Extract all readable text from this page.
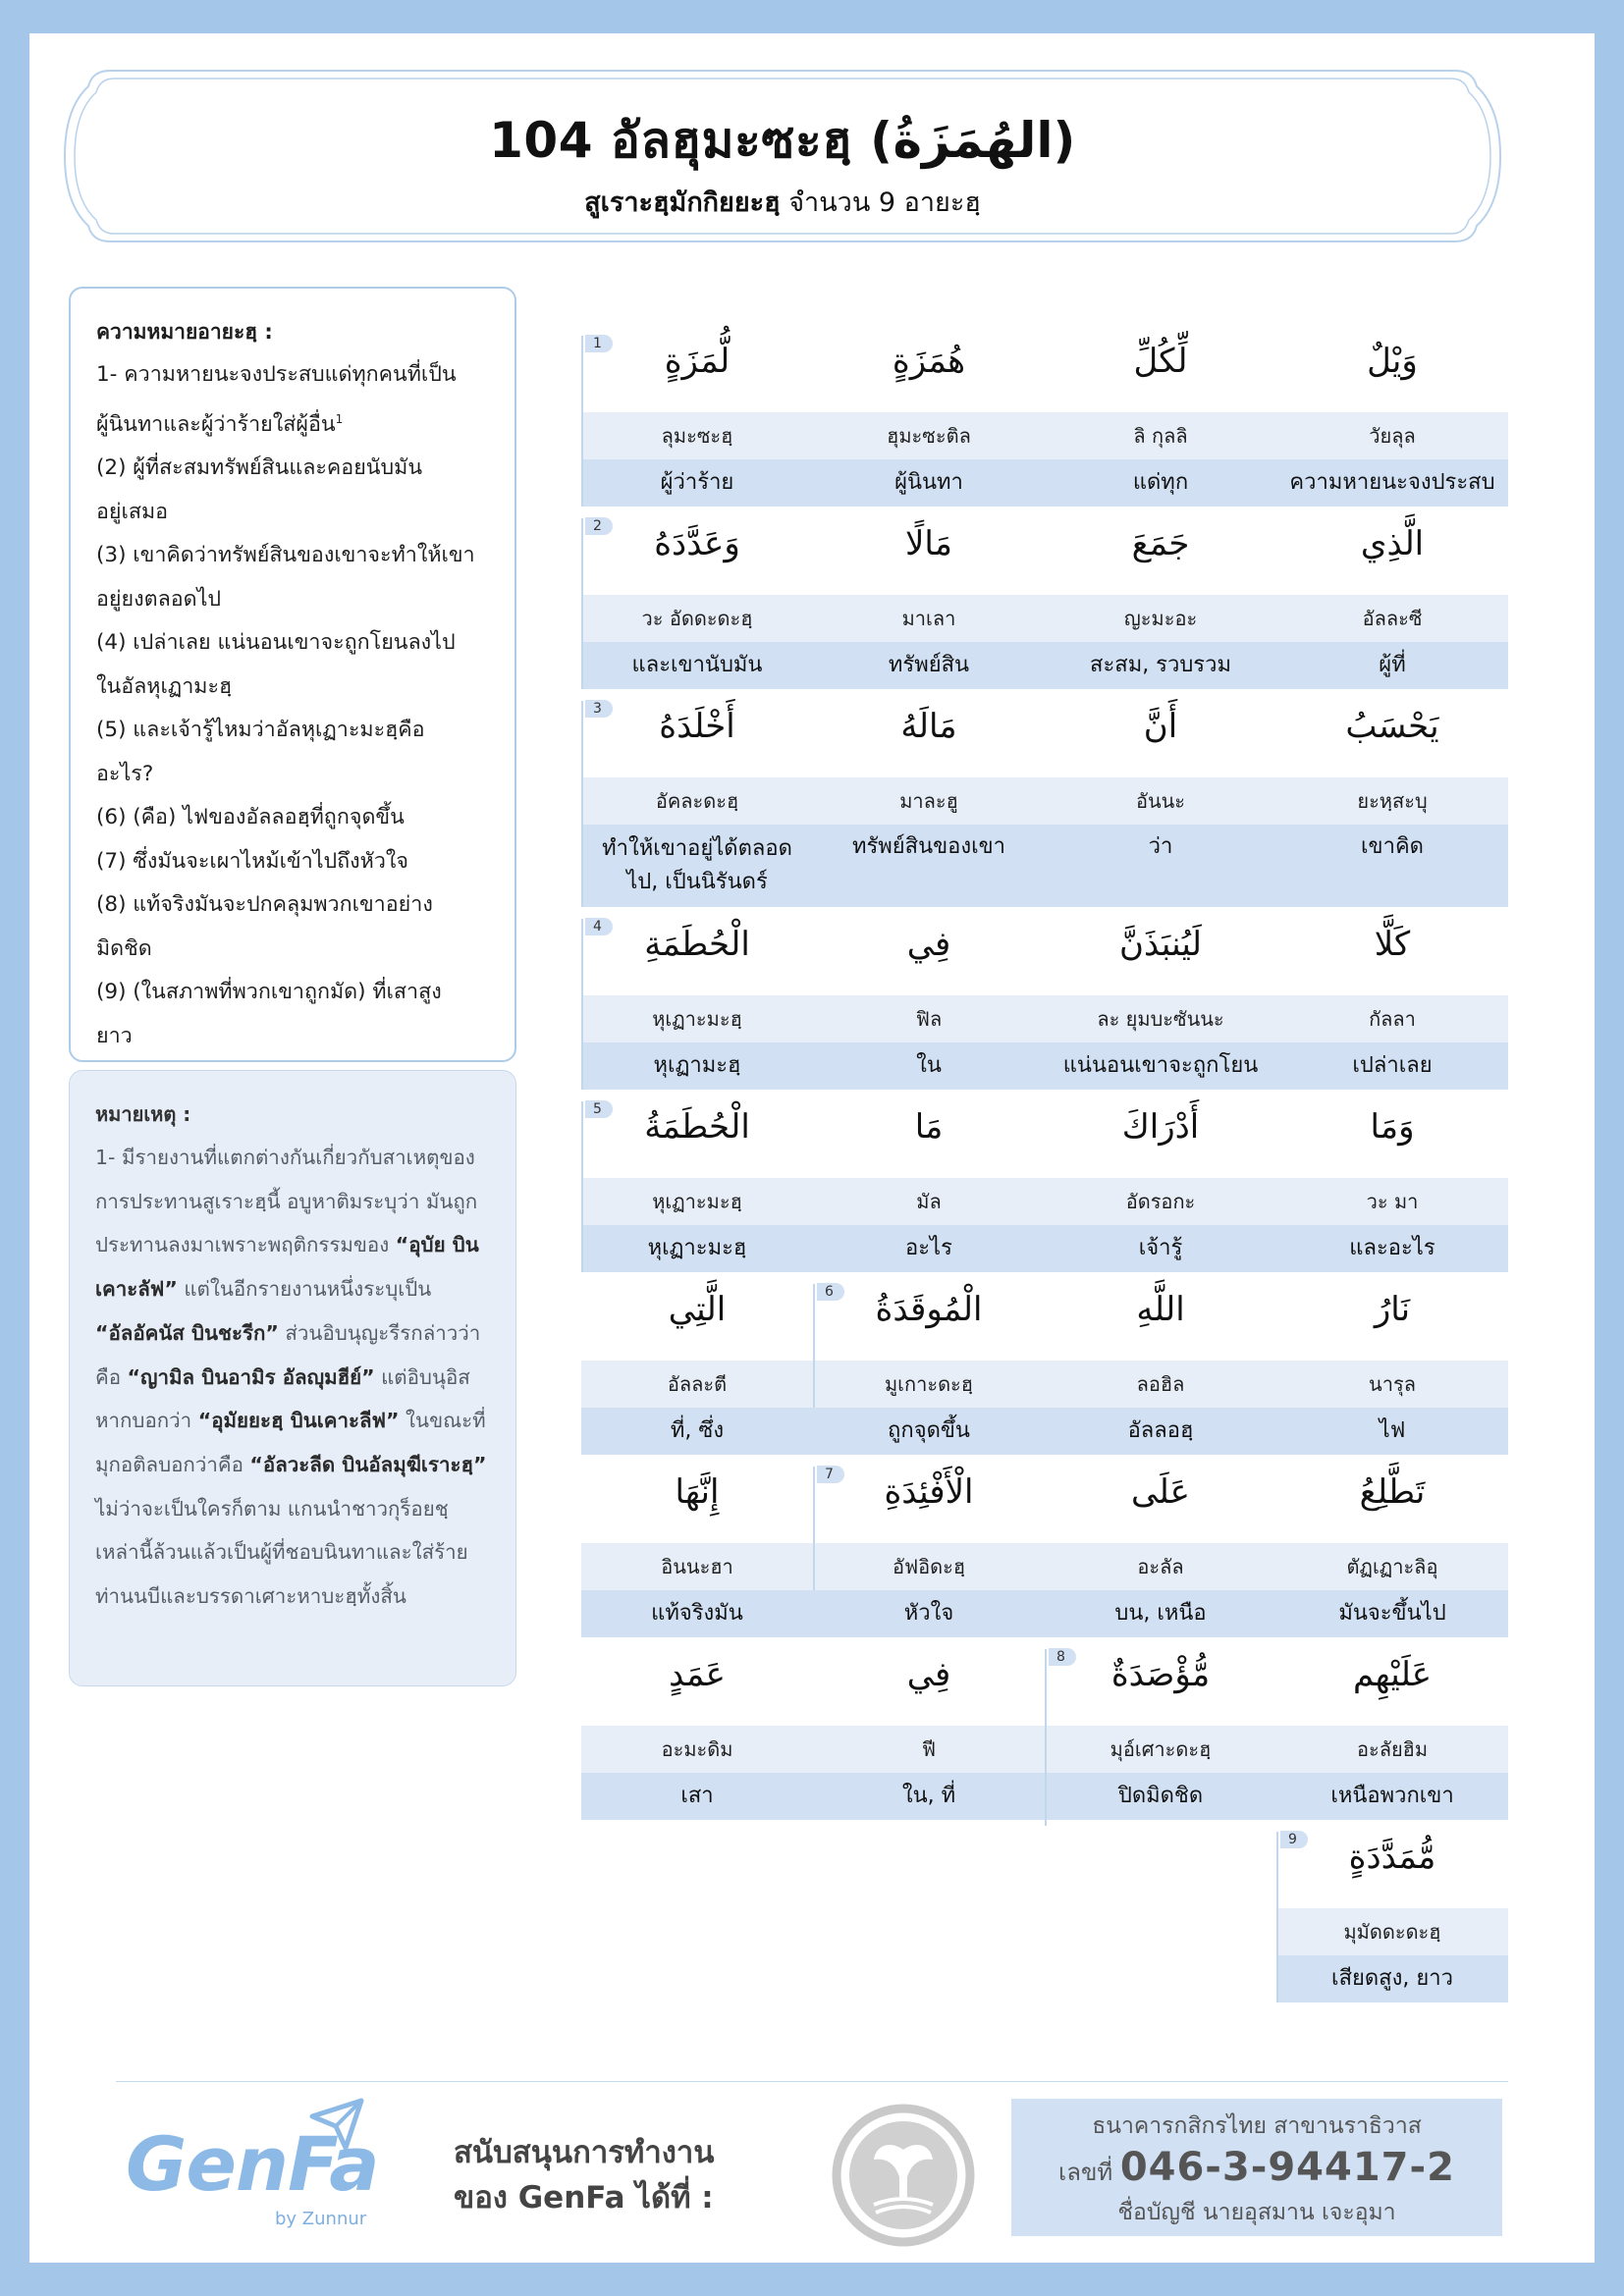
104 อัลฮุมะซะฮฺ (الهُمَزَةُ)
สูเราะฮฺมักกิยยะฮฺ จำนวน 9 อายะฮฺ
ความหมายอายะฮฺ :
1- ความหายนะจงประสบแด่ทุกคนที่เป็น
ผู้นินทาและผู้ว่าร้ายใส่ผู้อื่น$^1$
(2) ผู้ที่สะสมทรัพย์สินและคอยนับมัน
อยู่เสมอ
(3) เขาคิดว่าทรัพย์สินของเขาจะทำให้เขา
อยู่ยงตลอดไป
(4) เปล่าเลย แน่นอนเขาจะถูกโยนลงไป
ในอัลหุเฏามะฮฺ
(5) และเจ้ารู้ไหมว่าอัลหุเฏาะมะฮฺคือ
อะไร?
(6) (คือ) ไฟของอัลลอฮฺที่ถูกจุดขึ้น
(7) ซึ่งมันจะเผาไหม้เข้าไปถึงหัวใจ
(8) แท้จริงมันจะปกคลุมพวกเขาอย่าง
มิดชิด
(9) (ในสภาพที่พวกเขาถูกมัด) ที่เสาสูง
ยาว
หมายเหตุ :
1- มีรายงานที่แตกต่างกันเกี่ยวกับสาเหตุของการประทานสูเราะฮฺนี้ อบูหาติมระบุว่า มันถูกประทานลงมาเพราะพฤติกรรมของ “อุบัย บินเคาะลัฟ” แต่ในอีกรายงานหนึ่งระบุเป็น “อัลอัคนัส บินชะรีก” ส่วนอิบนุญะรีรกล่าวว่าคือ “ญามิล บินอามิร อัลญุมฮีย์” แต่อิบนุอิสหากบอกว่า “อุมัยยะฮฺ บินเคาะลีฟ” ในขณะที่มุกอติลบอกว่าคือ “อัลวะลีด บินอัลมุฆีเราะฮฺ” ไม่ว่าจะเป็นใครก็ตาม แกนนำชาวกุร็อยชฺเหล่านี้ล้วนแล้วเป็นผู้ที่ชอบนินทาและใส่ร้ายท่านนบีและบรรดาเศาะหาบะฮฺทั้งสิ้น
وَيْلٌ
วัยลุล
ความหายนะจงประสบ
لِّكُلِّ
ลิ กุลลิ
แด่ทุก
هُمَزَةٍ
ฮุมะซะติล
ผู้นินทา
لُّمَزَةٍ
ลุมะซะฮฺ
ผู้ว่าร้าย
1
الَّذِي
อัลละซี
ผู้ที่
جَمَعَ
ญะมะอะ
สะสม, รวบรวม
مَالًا
มาเลา
ทรัพย์สิน
وَعَدَّدَهُ
วะ อัดดะดะฮฺ
และเขานับมัน
2
يَحْسَبُ
ยะหฺสะบุ
เขาคิด
أَنَّ
อันนะ
ว่า
مَالَهُ
มาละฮู
ทรัพย์สินของเขา
أَخْلَدَهُ
อัคละดะฮฺ
ทำให้เขาอยู่ได้ตลอดไป, เป็นนิรันดร์
3
كَلَّا
กัลลา
เปล่าเลย
لَيُنبَذَنَّ
ละ ยุมบะซันนะ
แน่นอนเขาจะถูกโยน
فِي
ฟิล
ใน
الْحُطَمَةِ
หุเฏาะมะฮฺ
หุเฏามะฮฺ
4
وَمَا
วะ มา
และอะไร
أَدْرَاكَ
อัดรอกะ
เจ้ารู้
مَا
มัล
อะไร
الْحُطَمَةُ
หุเฏาะมะฮฺ
หุเฏาะมะฮฺ
5
نَارُ
นารุล
ไฟ
اللَّهِ
ลอฮิล
อัลลอฮฺ
الْمُوقَدَةُ
มูเกาะดะฮฺ
ถูกจุดขึ้น
الَّتِي
อัลละตี
ที่, ซึ่ง
6
تَطَّلِعُ
ตัฏเฏาะลิอุ
มันจะขึ้นไป
عَلَى
อะลัล
บน, เหนือ
الْأَفْئِدَةِ
อัฟอิดะฮฺ
หัวใจ
إِنَّهَا
อินนะฮา
แท้จริงมัน
7
عَلَيْهِم
อะลัยฮิม
เหนือพวกเขา
مُّؤْصَدَةٌ
มุอ์เศาะดะฮฺ
ปิดมิดชิด
فِي
ฟี
ใน, ที่
عَمَدٍ
อะมะดิม
เสา
8
مُّمَدَّدَةٍ
มุมัดดะดะฮฺ
เสียดสูง, ยาว
9
GenFa
by Zunnur
สนับสนุนการทำงาน
ของ GenFa ได้ที่ :
ธนาคารกสิกรไทย สาขานราธิวาส
เลขที่ 046-3-94417-2
ชื่อบัญชี นายอุสมาน เจะอุมา
